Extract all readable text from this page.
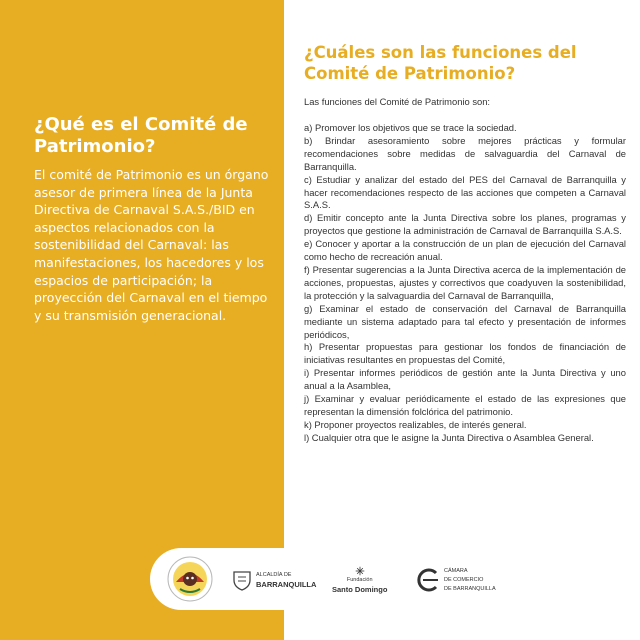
¿Qué es el Comité de Patrimonio?

El comité de Patrimonio es un órgano asesor de primera línea de la Junta Directiva de Carnaval S.A.S./BID en aspectos relacionados con la sostenibilidad del Carnaval: las manifestaciones, los hacedores y los espacios de participación; la proyección del Carnaval en el tiempo y su transmisión generacional.

¿Cuáles son las funciones del Comité de Patrimonio?

Las funciones del Comité de Patrimonio son:

a) Promover los objetivos que se trace la sociedad.
b) Brindar asesoramiento sobre mejores prácticas y formular recomendaciones sobre medidas de salvaguardia del Carnaval de Barranquilla.
c) Estudiar y analizar del estado del PES del Carnaval de Barranquilla y hacer recomendaciones respecto de las acciones que competen a Carnaval S.A.S.
d) Emitir concepto ante la Junta Directiva sobre los planes, programas y proyectos que gestione la administración de Carnaval de Barranquilla S.A.S.
e) Conocer y aportar a la construcción de un plan de ejecución del Carnaval como hecho de recreación anual.
f) Presentar sugerencias a la Junta Directiva acerca de la implementación de acciones, propuestas, ajustes y correctivos que coadyuven la sostenibilidad, la protección y la salvaguardia del Carnaval de Barranquilla,
g) Examinar el estado de conservación del Carnaval de Barranquilla mediante un sistema adaptado para tal efecto y presentación de informes periódicos,
h) Presentar propuestas para gestionar los fondos de financiación de iniciativas resultantes en propuestas del Comité,
i) Presentar informes periódicos de gestión ante la Junta Directiva y uno anual a la Asamblea,
j) Examinar y evaluar periódicamente el estado de las expresiones que representan la dimensión folclórica del patrimonio.
k) Proponer proyectos realizables, de interés general.
l) Cualquier otra que le asigne la Junta Directiva o Asamblea General.
ALCALDÍA DE
BARRANQUILLA	Fundación
Santo Domingo
CÁMARA
DE COMERCIO
DE BARRANQUILLA
